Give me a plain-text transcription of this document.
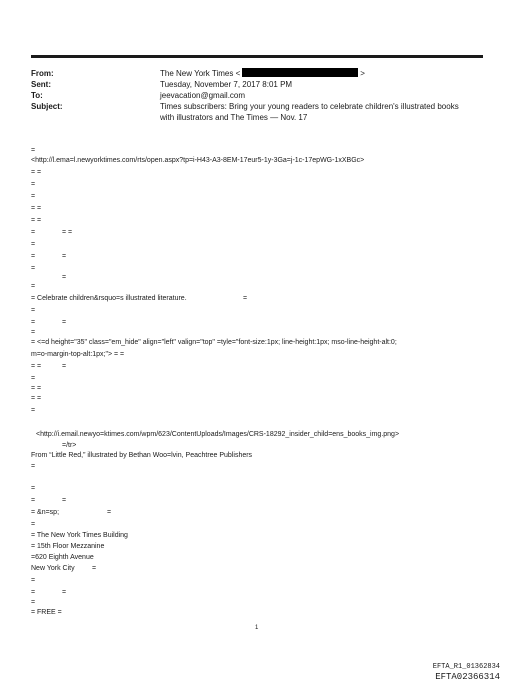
From:	The New York Times <	>
Sent:	Tuesday, November 7, 2017 8:01 PM
To:	jeevacation@gmail.com
Subject:	Times subscribers: Bring your young readers to celebrate children's illustrated books
with illustrators and The Times — Nov. 17
=
<http://l.ema=l.newyorktimes.com/rts/open.aspx?tp=i-H43-A3-8EM-17eur5-1y-3Ga=j-1c-17epWG-1xXBGc>
= =
=
=
= =
= =
=	= =
=
=	=
=
=
=
= Celebrate children&rsquo=s illustrated literature.	=
=
=	=
=
= <=d height="35" class="em_hide" align="left" valign="top" =tyle="font-size:1px; line-height:1px; mso-line-height-alt:0;
m=o-margin-top-alt:1px;"> = =
= =	=
=
= =
= =
=
<http://i.email.newyo=ktimes.com/wpm/623/ContentUploads/Images/CRS-18292_insider_child=ens_books_img.png>
=/tr>
From “Little Red,” illustrated by Bethan Woo=lvin, Peachtree Publishers
=
=
=	=
= &n=sp;	=
=
= The New York Times Building
= 15th Floor Mezzanine
=620 Eighth Avenue
New York City =
=
=	=
=
= FREE =
1
EFTA_R1_01362834
EFTA02366314
